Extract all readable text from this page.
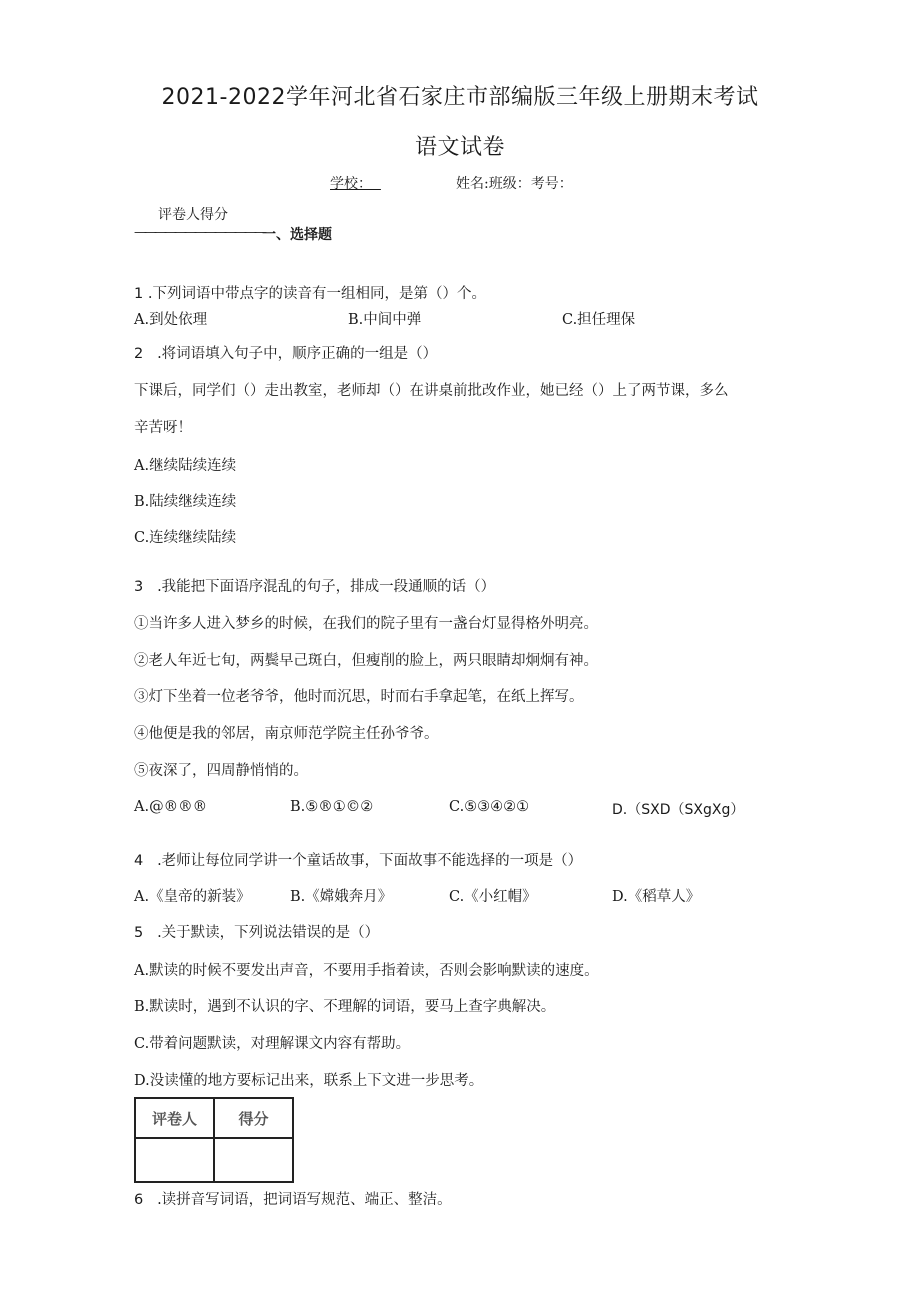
2021-2022学年河北省石家庄市部编版三年级上册期末考试
语文试卷
学校：	姓名:班级：考号：
评卷人得分
—————————————
一、选择题
1 .下列词语中带点字的读音有一组相同，是第（）个。
A.到处依理	B.中间中弹	C.担任理保
2 .将词语填入句子中，顺序正确的一组是（）
下课后，同学们（）走出教室，老师却（）在讲桌前批改作业，她已经（）上了两节课，多么
辛苦呀！
A.继续陆续连续
B.陆续继续连续
C.连续继续陆续
3 .我能把下面语序混乱的句子，排成一段通顺的话（）
①当许多人进入梦乡的时候，在我们的院子里有一盏台灯显得格外明亮。
②老人年近七旬，两鬓早己斑白，但瘦削的脸上，两只眼睛却炯炯有神。
③灯下坐着一位老爷爷，他时而沉思，时而右手拿起笔，在纸上挥写。
④他便是我的邻居，南京师范学院主任孙爷爷。
⑤夜深了，四周静悄悄的。
A.@®®®	B.⑤®①©②	C.⑤③④②①	D.（SXD（SXgXg）
4 .老师让每位同学讲一个童话故事，下面故事不能选择的一项是（）
A.《皇帝的新装》	B.《嫦娥奔月》	C.《小红帽》	D.《稻草人》
5 .关于默读，下列说法错误的是（）
A.默读的时候不要发出声音，不要用手指着读，否则会影响默读的速度。
B.默读时，遇到不认识的字、不理解的词语，要马上查字典解决。
C.带着问题默读，对理解课文内容有帮助。
D.没读懂的地方要标记出来，联系上下文进一步思考。
评卷人	得分

6 .读拼音写词语，把词语写规范、端正、整洁。
